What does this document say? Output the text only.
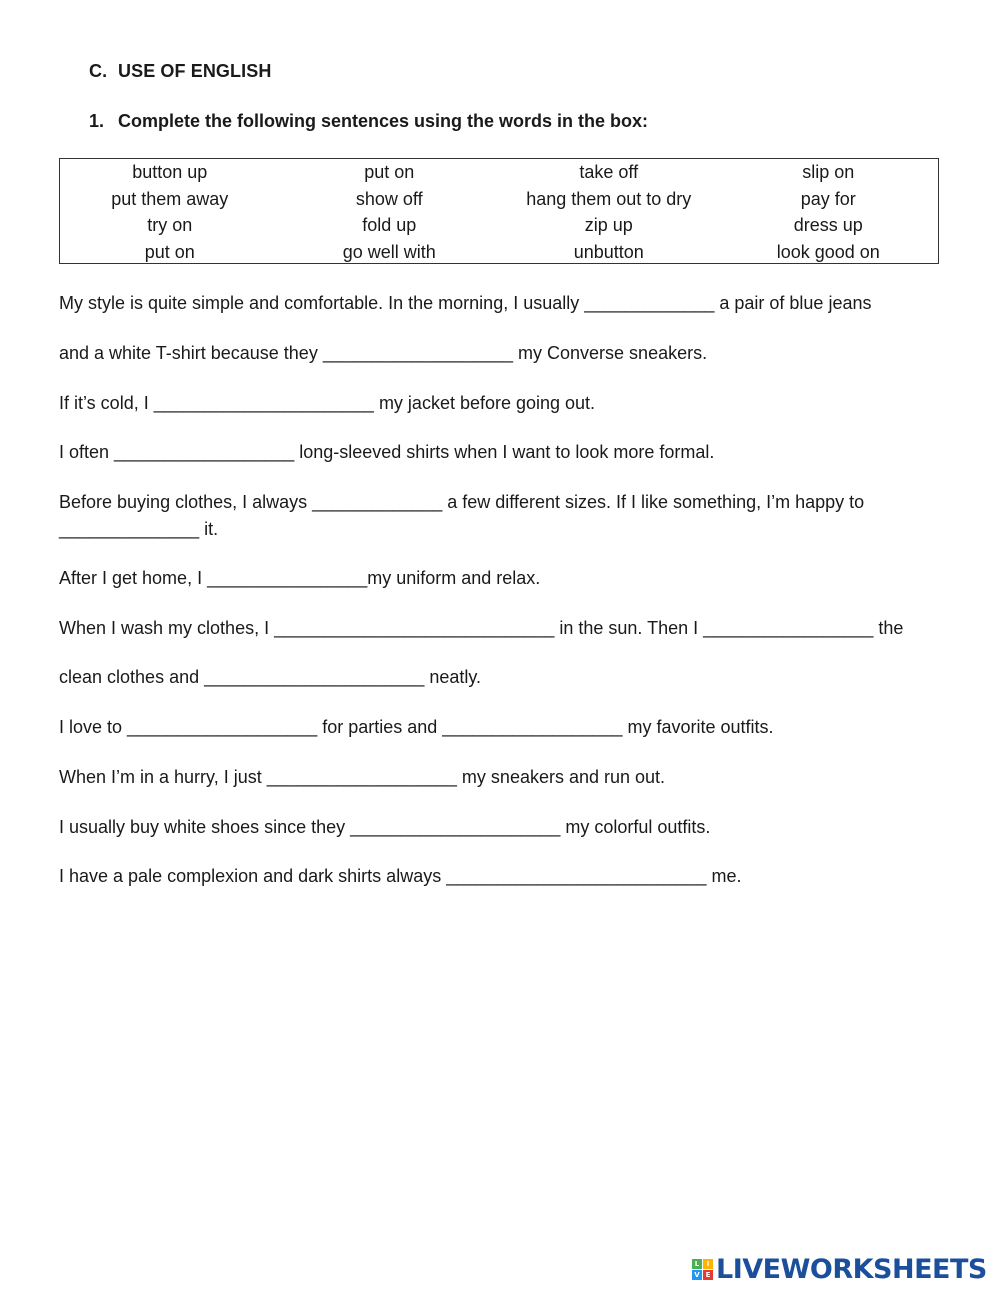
C. USE OF ENGLISH
1. Complete the following sentences using the words in the box:
button up	put on	take off	slip on
put them away	show off	hang them out to dry	pay for
try on	fold up	zip up	dress up
put on	go well with	unbutton	look good on
My style is quite simple and comfortable. In the morning, I usually _____________ a pair of blue jeans
and a white T-shirt because they ___________________ my Converse sneakers.
If it’s cold, I ______________________ my jacket before going out.
I often __________________ long-sleeved shirts when I want to look more formal.
Before buying clothes, I always _____________ a few different sizes. If I like something, I’m happy to
______________ it.
After I get home, I ________________my uniform and relax.
When I wash my clothes, I ____________________________ in the sun. Then I _________________ the
clean clothes and ______________________ neatly.
I love to ___________________ for parties and __________________ my favorite outfits.
When I’m in a hurry, I just ___________________ my sneakers and run out.
I usually buy white shoes since they _____________________ my colorful outfits.
I have a pale complexion and dark shirts always __________________________ me.
L	I
V E LIVEWORKSHEETS
